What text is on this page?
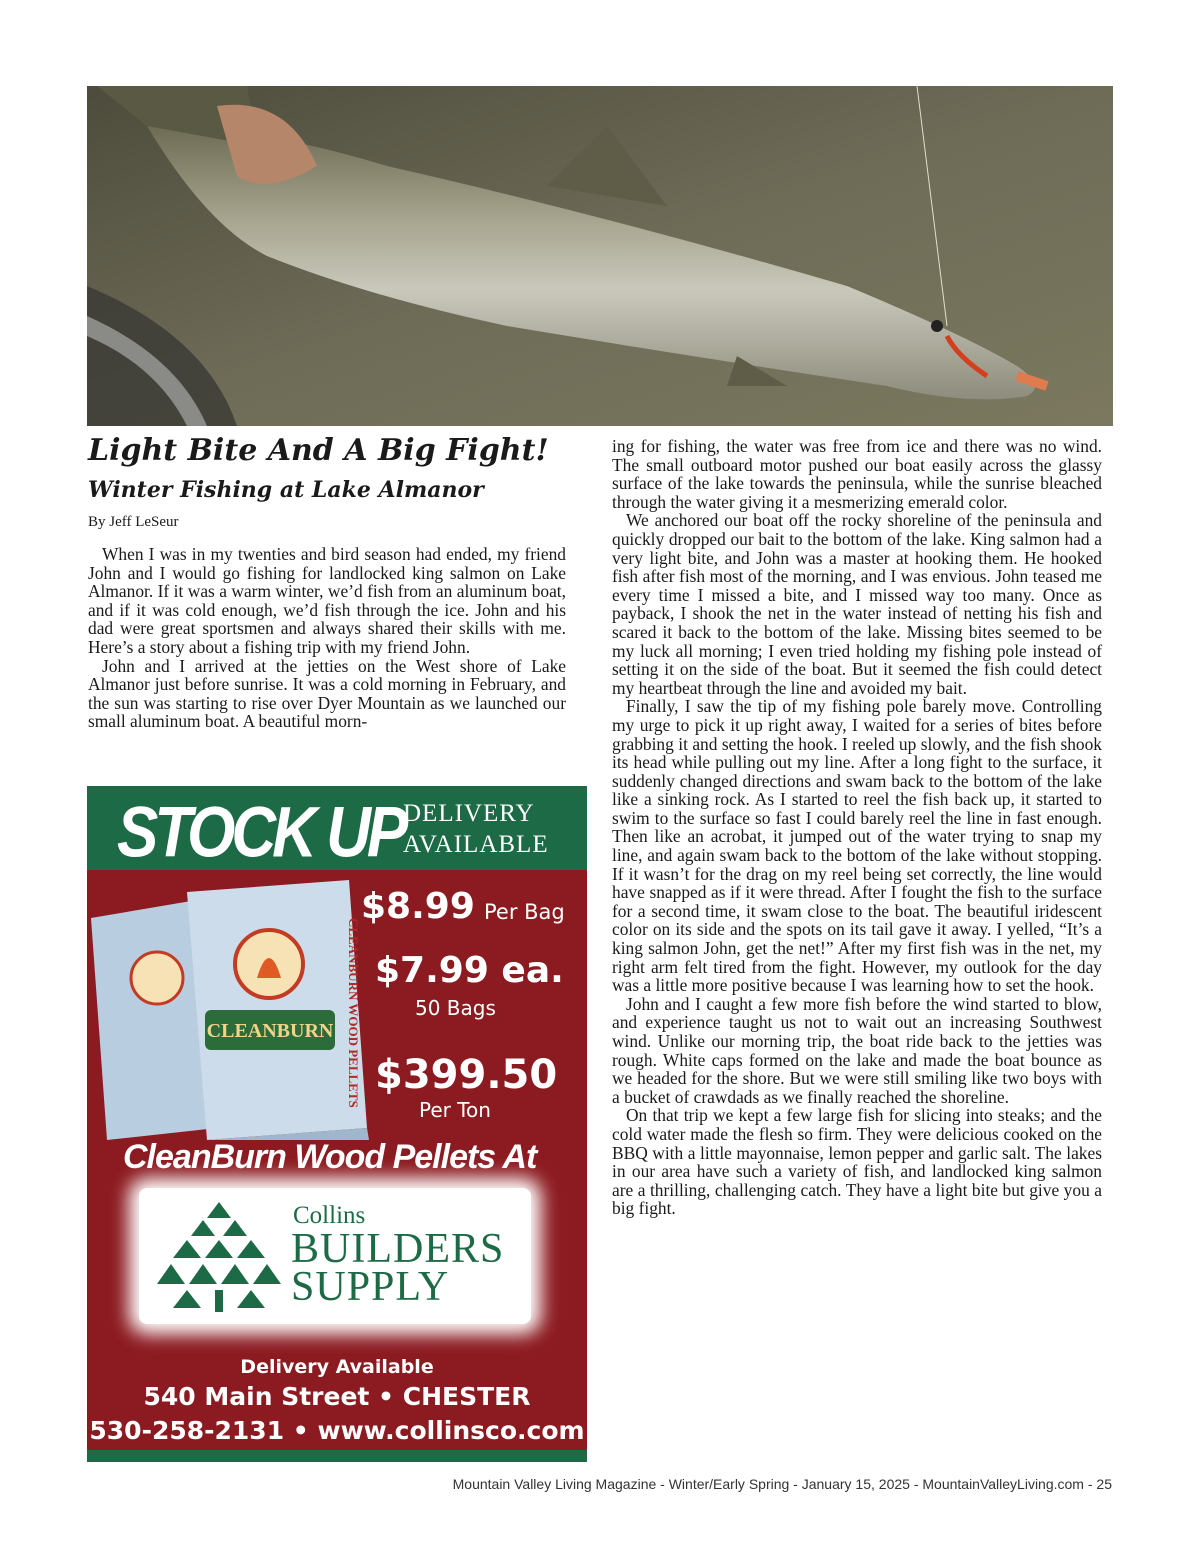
Light Bite And A Big Fight!
Winter Fishing at Lake Almanor
By Jeff LeSeur

When I was in my twenties and bird season had ended, my friend John and I would go fishing for landlocked king salmon on Lake Almanor. If it was a warm winter, we’d fish from an aluminum boat, and if it was cold enough, we’d fish through the ice. John and his dad were great sportsmen and always shared their skills with me. Here’s a story about a fishing trip with my friend John.

John and I arrived at the jetties on the West shore of Lake Almanor just before sunrise. It was a cold morning in February, and the sun was starting to rise over Dyer Mountain as we launched our small aluminum boat. A beautiful morn-

ing for fishing, the water was free from ice and there was no wind. The small outboard motor pushed our boat easily across the glassy surface of the lake towards the peninsula, while the sunrise bleached through the water giving it a mesmerizing emerald color.

We anchored our boat off the rocky shoreline of the peninsula and quickly dropped our bait to the bottom of the lake. King salmon had a very light bite, and John was a master at hooking them. He hooked fish after fish most of the morning, and I was envious. John teased me every time I missed a bite, and I missed way too many. Once as payback, I shook the net in the water instead of netting his fish and scared it back to the bottom of the lake. Missing bites seemed to be my luck all morning; I even tried holding my fishing pole instead of setting it on the side of the boat. But it seemed the fish could detect my heartbeat through the line and avoided my bait.

Finally, I saw the tip of my fishing pole barely move. Controlling my urge to pick it up right away, I waited for a series of bites before grabbing it and setting the hook. I reeled up slowly, and the fish shook its head while pulling out my line. After a long fight to the surface, it suddenly changed directions and swam back to the bottom of the lake like a sinking rock. As I started to reel the fish back up, it started to swim to the surface so fast I could barely reel the line in fast enough. Then like an acrobat, it jumped out of the water trying to snap my line, and again swam back to the bottom of the lake without stopping. If it wasn’t for the drag on my reel being set correctly, the line would have snapped as if it were thread. After I fought the fish to the surface for a second time, it swam close to the boat. The beautiful iridescent color on its side and the spots on its tail gave it away. I yelled, “It’s a king salmon John, get the net!” After my first fish was in the net, my right arm felt tired from the fight. However, my outlook for the day was a little more positive because I was learning how to set the hook.

John and I caught a few more fish before the wind started to blow, and experience taught us not to wait out an increasing Southwest wind. Unlike our morning trip, the boat ride back to the jetties was rough. White caps formed on the lake and made the boat bounce as we headed for the shore. But we were still smiling like two boys with a bucket of crawdads as we finally reached the shoreline.

On that trip we kept a few large fish for slicing into steaks; and the cold water made the flesh so firm. They were delicious cooked on the BBQ with a little mayonnaise, lemon pepper and garlic salt. The lakes in our area have such a variety of fish, and landlocked king salmon are a thrilling, challenging catch. They have a light bite but give you a big fight.

STOCK UP
DELIVERY
AVAILABLE
CLEANBURN CLEANBURN WOOD PELLETS
$8.99 Per Bag
$7.99 ea.
50 Bags
$399.50
Per Ton
CleanBurn Wood Pellets At
Collins
BUILDERS
SUPPLY
Delivery Available
540 Main Street • CHESTER
530-258-2131 • www.collinsco.com
Mountain Valley Living Magazine - Winter/Early Spring - January 15, 2025 - MountainValleyLiving.com - 25
